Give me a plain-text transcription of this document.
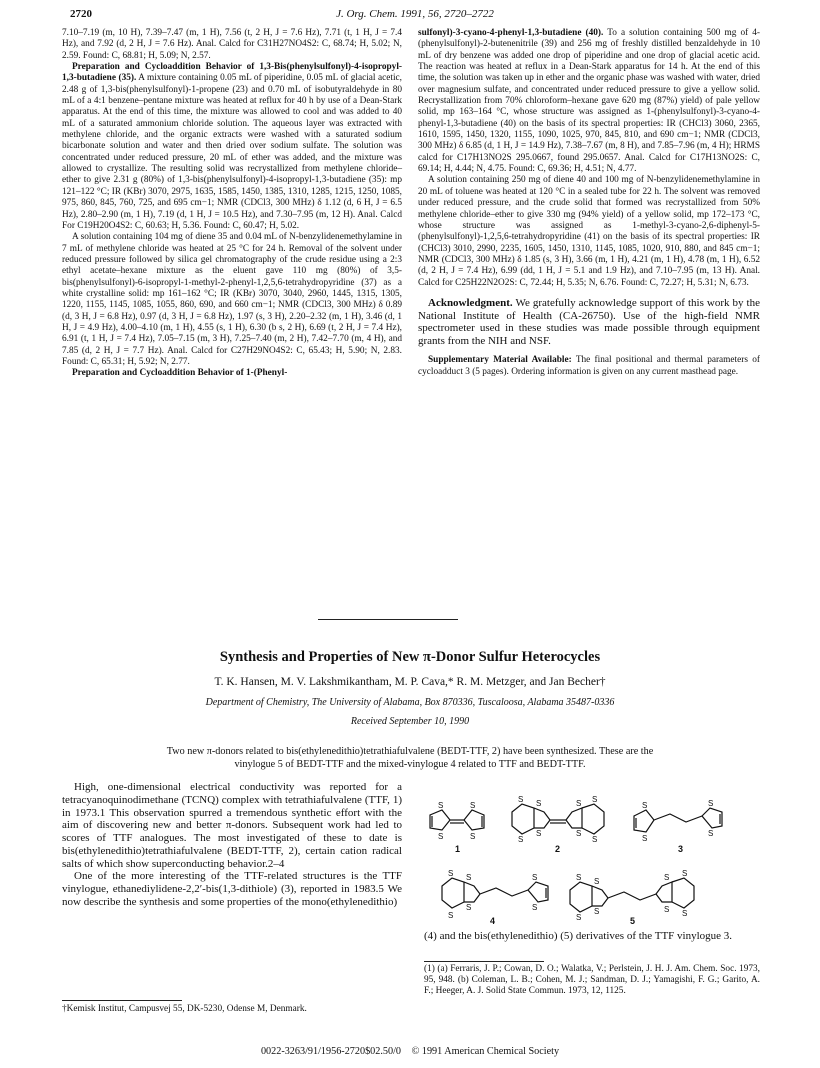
2720	J. Org. Chem. 1991, 56, 2720–2722

7.10–7.19 (m, 10 H), 7.39–7.47 (m, 1 H), 7.56 (t, 2 H, J = 7.6 Hz), 7.71 (t, 1 H, J = 7.4 Hz), and 7.92 (d, 2 H, J = 7.6 Hz). Anal. Calcd for C31H27NO4S2: C, 68.74; H, 5.02; N, 2.59. Found: C, 68.81; H, 5.09; N, 2.57.

Preparation and Cycloaddition Behavior of 1,3-Bis(phenylsulfonyl)-4-isopropyl-1,3-butadiene (35). A mixture containing 0.05 mL of piperidine, 0.05 mL of glacial acetic, 2.48 g of 1,3-bis(phenylsulfonyl)-1-propene (23) and 0.70 mL of isobutyraldehyde in 80 mL of a 4:1 benzene–pentane mixture was heated at reflux for 40 h by use of a Dean-Stark apparatus. At the end of this time, the mixture was allowed to cool and was added to 40 mL of a saturated ammonium chloride solution. The aqueous layer was extracted with methylene chloride, and the organic extracts were washed with a saturated sodium bicarbonate solution and water and then dried over sodium sulfate. The solution was concentrated under reduced pressure, 20 mL of ether was added, and the mixture was allowed to crystallize. The resulting solid was recrystallized from methylene chloride–ether to give 2.31 g (80%) of 1,3-bis(phenylsulfonyl)-4-isopropyl-1,3-butadiene (35): mp 121–122 °C; IR (KBr) 3070, 2975, 1635, 1585, 1450, 1385, 1310, 1285, 1215, 1250, 1085, 975, 860, 845, 760, 725, and 695 cm−1; NMR (CDCl3, 300 MHz) δ 1.12 (d, 6 H, J = 6.5 Hz), 2.80–2.90 (m, 1 H), 7.19 (d, 1 H, J = 10.5 Hz), and 7.30–7.95 (m, 12 H). Anal. Calcd For C19H20O4S2: C, 60.63; H, 5.36. Found: C, 60.47; H, 5.02.

A solution containing 104 mg of diene 35 and 0.04 mL of N-benzylidenemethylamine in 7 mL of methylene chloride was heated at 25 °C for 24 h. Removal of the solvent under reduced pressure followed by silica gel chromatography of the crude residue using a 2:3 ethyl acetate–hexane mixture as the eluent gave 110 mg (80%) of 3,5-bis(phenylsulfonyl)-6-isopropyl-1-methyl-2-phenyl-1,2,5,6-tetrahydropyridine (37) as a white crystalline solid: mp 161–162 °C; IR (KBr) 3070, 3040, 2960, 1445, 1315, 1305, 1220, 1155, 1145, 1085, 1055, 860, 690, and 660 cm−1; NMR (CDCl3, 300 MHz) δ 0.89 (d, 3 H, J = 6.8 Hz), 0.97 (d, 3 H, J = 6.8 Hz), 1.97 (s, 3 H), 2.20–2.32 (m, 1 H), 3.46 (d, 1 H, J = 4.9 Hz), 4.00–4.10 (m, 1 H), 4.55 (s, 1 H), 6.30 (b s, 2 H), 6.69 (t, 2 H, J = 7.4 Hz), 6.91 (t, 1 H, J = 7.4 Hz), 7.05–7.15 (m, 3 H), 7.25–7.40 (m, 2 H), 7.42–7.70 (m, 4 H), and 7.85 (d, 2 H, J = 7.7 Hz). Anal. Calcd for C27H29NO4S2: C, 65.43; H, 5.90; N, 2.83. Found: C, 65.31; H, 5.92; N, 2.77.

Preparation and Cycloaddition Behavior of 1-(Phenyl-

sulfonyl)-3-cyano-4-phenyl-1,3-butadiene (40). To a solution containing 500 mg of 4-(phenylsulfonyl)-2-butenenitrile (39) and 256 mg of freshly distilled benzaldehyde in 10 mL of dry benzene was added one drop of piperidine and one drop of glacial acetic acid. The reaction was heated at reflux in a Dean-Stark apparatus for 14 h. At the end of this time, the solution was taken up in ether and the organic phase was washed with water, dried over magnesium sulfate, and concentrated under reduced pressure to give a yellow solid. Recrystallization from 70% chloroform–hexane gave 620 mg (87%) yield) of pale yellow solid, mp 163–164 °C, whose structure was assigned as 1-(phenylsulfonyl)-3-cyano-4-phenyl-1,3-butadiene (40) on the basis of its spectral properties: IR (CHCl3) 3060, 2365, 1610, 1595, 1450, 1320, 1155, 1090, 1025, 970, 845, 810, and 690 cm−1; NMR (CDCl3, 300 MHz) δ 6.85 (d, 1 H, J = 14.9 Hz), 7.38–7.67 (m, 8 H), and 7.85–7.96 (m, 4 H); HRMS calcd for C17H13NO2S 295.0667, found 295.0657. Anal. Calcd for C17H13NO2S: C, 69.14; H, 4.44; N, 4.75. Found: C, 69.36; H, 4.51; N, 4.77.

A solution containing 250 mg of diene 40 and 100 mg of N-benzylidenemethylamine in 20 mL of toluene was heated at 120 °C in a sealed tube for 22 h. The solvent was removed under reduced pressure, and the crude solid that formed was recrystallized from 50% methylene chloride–ether to give 330 mg (94% yield) of a yellow solid, mp 172–173 °C, whose structure was assigned as 1-methyl-3-cyano-2,6-diphenyl-5-(phenylsulfonyl)-1,2,5,6-tetrahydropyridine (41) on the basis of its spectral properties: IR (CHCl3) 3010, 2990, 2235, 1605, 1450, 1310, 1145, 1085, 1020, 910, 880, and 845 cm−1; NMR (CDCl3, 300 MHz) δ 1.85 (s, 3 H), 3.66 (m, 1 H), 4.21 (m, 1 H), 4.78 (m, 1 H), 6.52 (d, 2 H, J = 7.4 Hz), 6.99 (dd, 1 H, J = 5.1 and 1.9 Hz), and 7.10–7.95 (m, 13 H). Anal. Calcd for C25H22N2O2S: C, 72.44; H, 5.35; N, 6.76. Found: C, 72.27; H, 5.31; N, 6.73.

Acknowledgment. We gratefully acknowledge support of this work by the National Institute of Health (CA-26750). Use of the high-field NMR spectrometer used in these studies was made possible through equipment grants from the NIH and NSF.

Supplementary Material Available: The final positional and thermal parameters of cycloadduct 3 (5 pages). Ordering information is given on any current masthead page.

Synthesis and Properties of New π-Donor Sulfur Heterocycles
T. K. Hansen, M. V. Lakshmikantham, M. P. Cava,* R. M. Metzger, and Jan Becher†
Department of Chemistry, The University of Alabama, Box 870336, Tuscaloosa, Alabama 35487-0336
Received September 10, 1990
Two new π-donors related to bis(ethylenedithio)tetrathiafulvalene (BEDT-TTF, 2) have been synthesized. These are the vinylogue 5 of BEDT-TTF and the mixed-vinylogue 4 related to TTF and BEDT-TTF.

High, one-dimensional electrical conductivity was reported for a tetracyanoquinodimethane (TCNQ) complex with tetrathiafulvalene (TTF, 1) in 1973.1 This observation spurred a tremendous synthetic effort with the aim of discovering new and better π-donors. Subsequent work had led to scores of TTF analogues. The most investigated of these to date is bis(ethylenedithio)tetrathiafulvalene (BEDT-TTF, 2), certain cation radical salts of which show superconducting behavior.2–4

One of the more interesting of the TTF-related structures is the TTF vinylogue, ethanediylidene-2,2′-bis(1,3-dithiole) (3), reported in 1983.5 We now describe the synthesis and some properties of the mono(ethylenedithio)

†Kemisk Institut, Campusvej 55, DK-5230, Odense M, Denmark.
S
S
S
S
S
S
S
S
S
S
S
S
S
S
S
S
S
S
S
S
S
S
S
S
S
S
S
S
S
S
1	2	3
4	5
(4) and the bis(ethylenedithio) (5) derivatives of the TTF vinylogue 3.

(1) (a) Ferraris, J. P.; Cowan, D. O.; Walatka, V.; Perlstein, J. H. J. Am. Chem. Soc. 1973, 95, 948. (b) Coleman, L. B.; Cohen, M. J.; Sandman, D. J.; Yamagishi, F. G.; Garito, A. F.; Heeger, A. J. Solid State Commun. 1973, 12, 1125.

0022-3263/91/1956-2720$02.50/0 © 1991 American Chemical Society
